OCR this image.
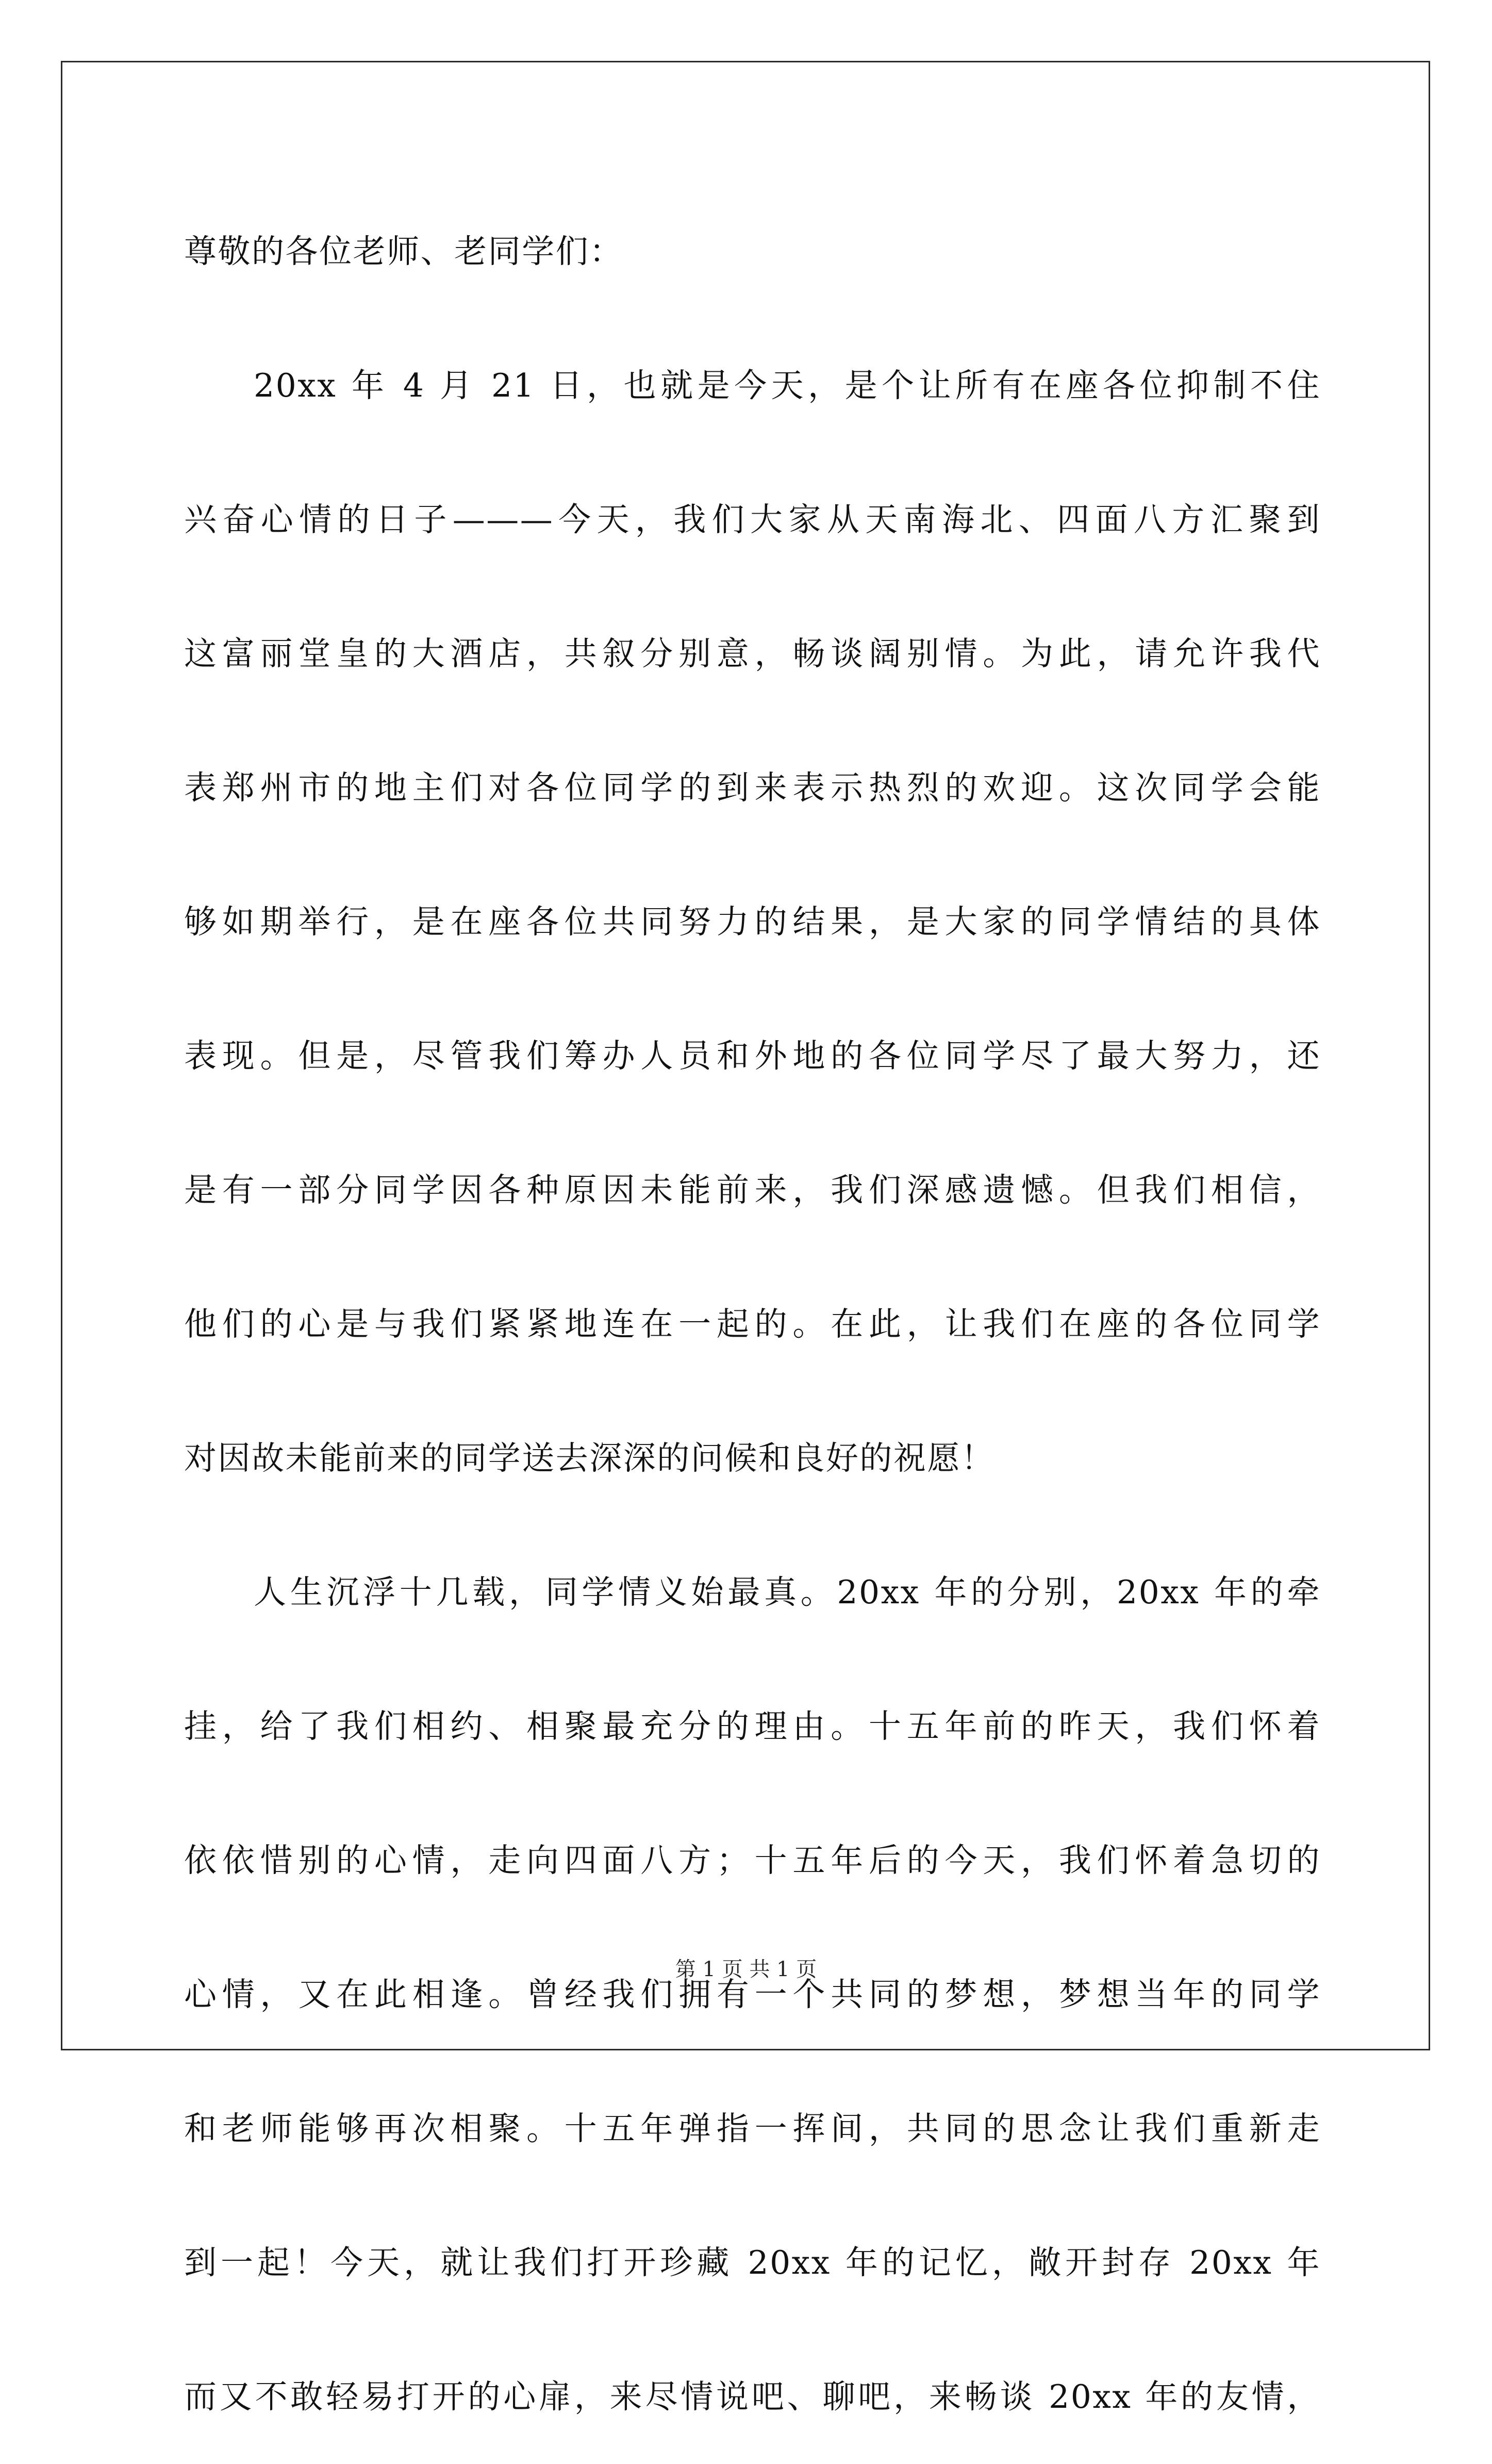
尊敬的各位老师、老同学们：
20xx 年 4 月 21 日，也就是今天，是个让所有在座各位抑制不住
兴奋心情的日子———今天，我们大家从天南海北、四面八方汇聚到
这富丽堂皇的大酒店，共叙分别意，畅谈阔别情。为此，请允许我代
表郑州市的地主们对各位同学的到来表示热烈的欢迎。这次同学会能
够如期举行，是在座各位共同努力的结果，是大家的同学情结的具体
表现。但是，尽管我们筹办人员和外地的各位同学尽了最大努力，还
是有一部分同学因各种原因未能前来，我们深感遗憾。但我们相信，
他们的心是与我们紧紧地连在一起的。在此，让我们在座的各位同学
对因故未能前来的同学送去深深的问候和良好的祝愿！
人生沉浮十几载，同学情义始最真。20xx 年的分别，20xx 年的牵
挂，给了我们相约、相聚最充分的理由。十五年前的昨天，我们怀着
依依惜别的心情，走向四面八方；十五年后的今天，我们怀着急切的
心情，又在此相逢。曾经我们拥有一个共同的梦想，梦想当年的同学
和老师能够再次相聚。十五年弹指一挥间，共同的思念让我们重新走
到一起！今天，就让我们打开珍藏 20xx 年的记忆，敞开封存 20xx 年
而又不敢轻易打开的心扉，来尽情说吧、聊吧，来畅谈 20xx 年的友情，
第 1 页 共 1 页
